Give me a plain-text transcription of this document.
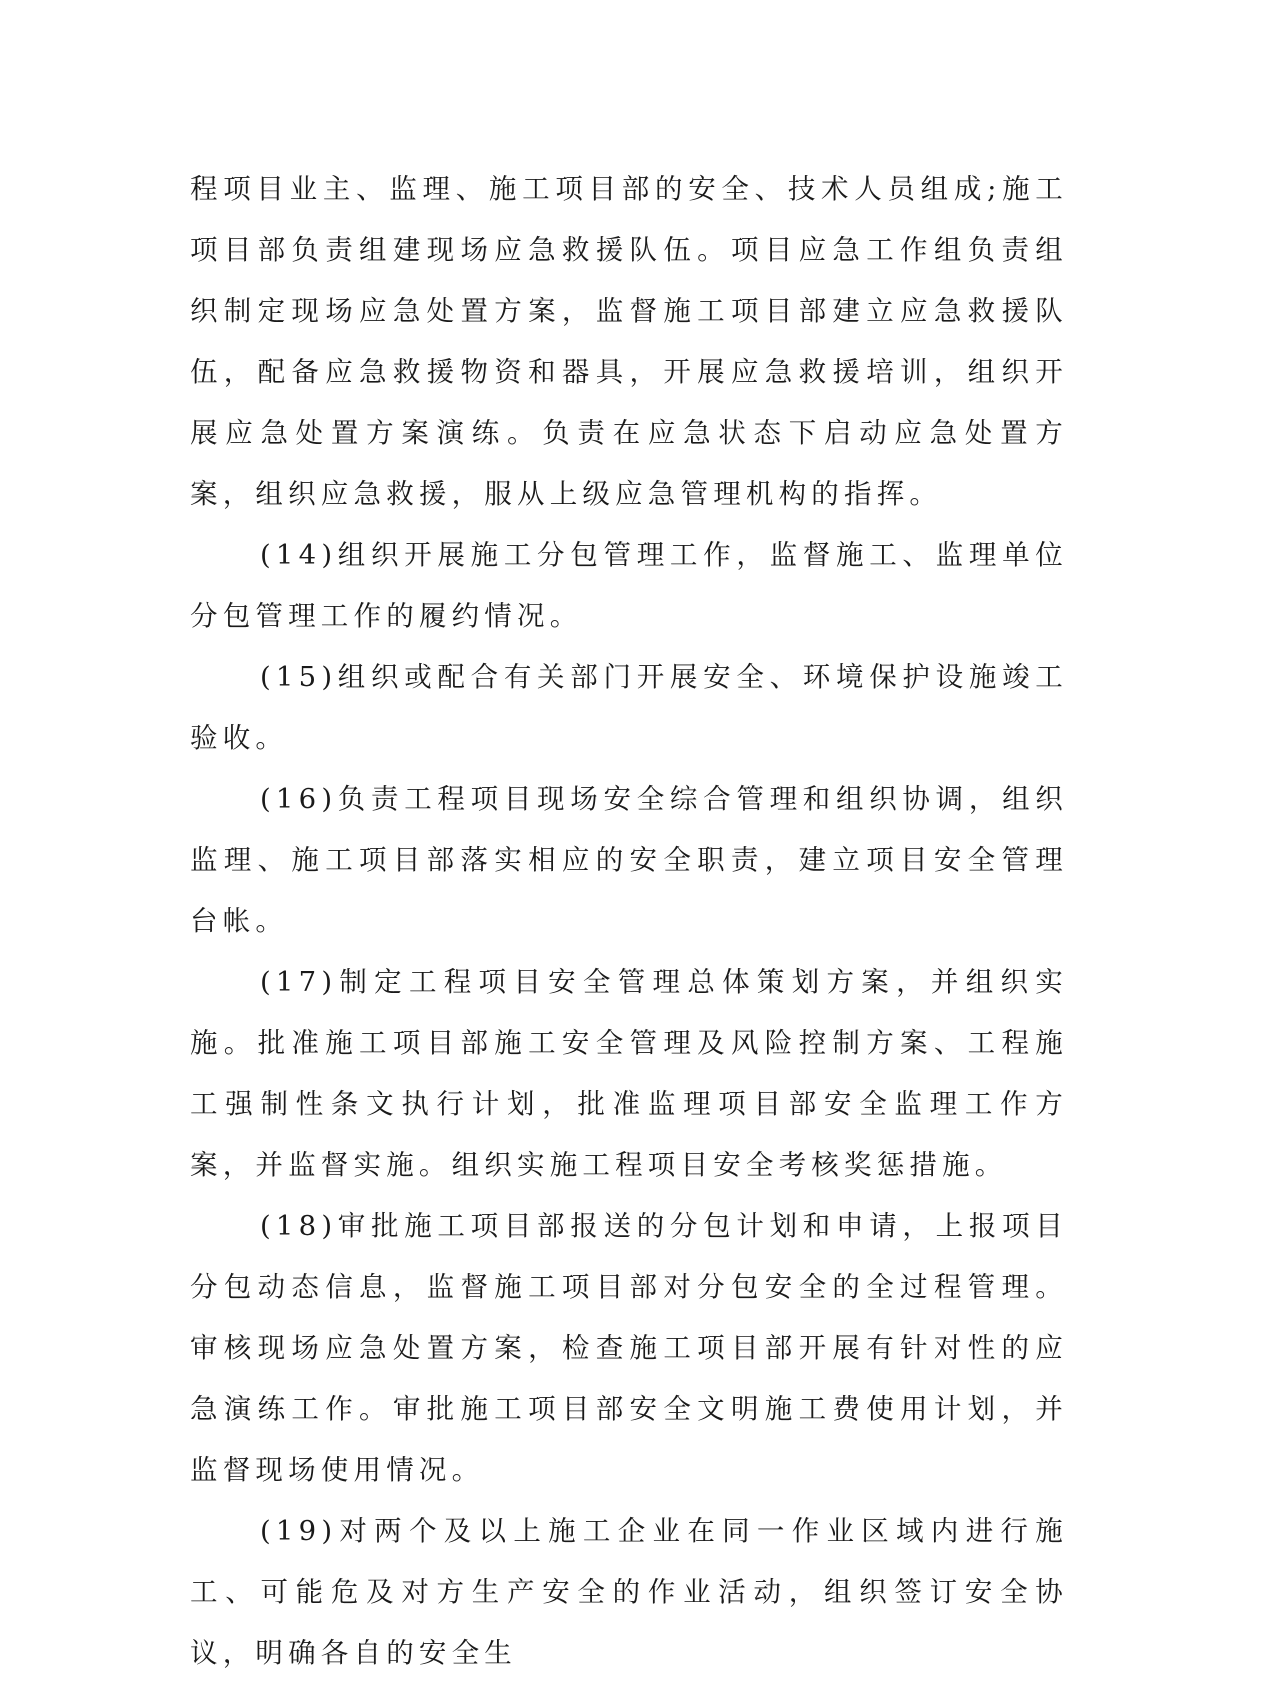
程项目业主、监理、施工项目部的安全、技术人员组成;施工项目部负责组建现场应急救援队伍。项目应急工作组负责组织制定现场应急处置方案，监督施工项目部建立应急救援队伍，配备应急救援物资和器具，开展应急救援培训，组织开展应急处置方案演练。负责在应急状态下启动应急处置方案，组织应急救援，服从上级应急管理机构的指挥。

(14)组织开展施工分包管理工作，监督施工、监理单位分包管理工作的履约情况。

(15)组织或配合有关部门开展安全、环境保护设施竣工验收。

(16)负责工程项目现场安全综合管理和组织协调，组织监理、施工项目部落实相应的安全职责，建立项目安全管理台帐。

(17)制定工程项目安全管理总体策划方案，并组织实施。批准施工项目部施工安全管理及风险控制方案、工程施工强制性条文执行计划，批准监理项目部安全监理工作方案，并监督实施。组织实施工程项目安全考核奖惩措施。

(18)审批施工项目部报送的分包计划和申请，上报项目分包动态信息，监督施工项目部对分包安全的全过程管理。审核现场应急处置方案，检查施工项目部开展有针对性的应急演练工作。审批施工项目部安全文明施工费使用计划，并监督现场使用情况。

(19)对两个及以上施工企业在同一作业区域内进行施工、可能危及对方生产安全的作业活动，组织签订安全协议，明确各自的安全生
